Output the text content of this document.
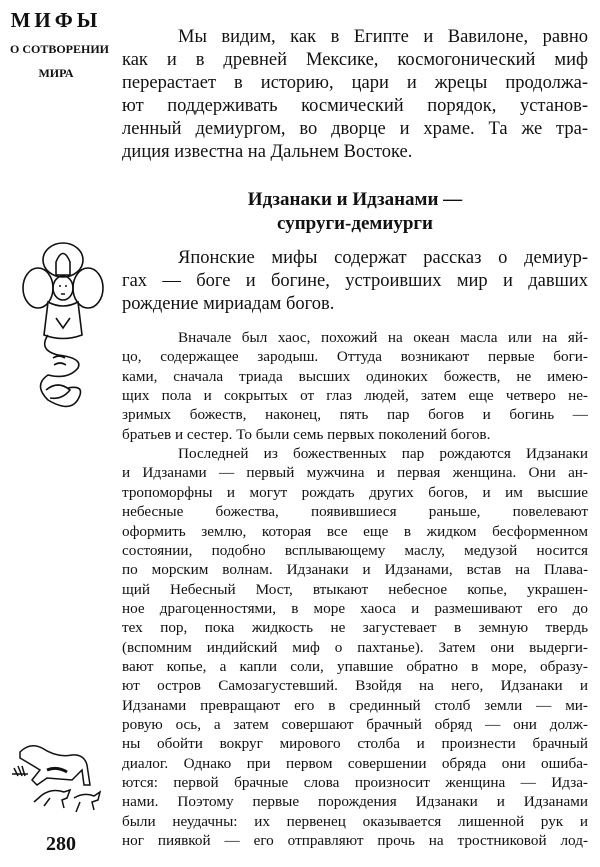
МИФЫ
О СОТВОРЕНИИ
МИРА
Мы видим, как в Египте и Вавилоне, равно
как и в древней Мексике, космогонический миф
перерастает в историю, цари и жрецы продолжа-
ют поддерживать космический порядок, установ-
ленный демиургом, во дворце и храме. Та же тра-
диция известна на Дальнем Востоке.
Идзанаки и Идзанами —
супруги-демиурги
Японские мифы содержат рассказ о демиур-
гах — боге и богине, устроивших мир и давших
рождение мириадам богов.
Вначале был хаос, похожий на океан масла или на яй-
цо, содержащее зародыш. Оттуда возникают первые боги-
ками, сначала триада высших одиноких божеств, не имею-
щих пола и сокрытых от глаз людей, затем еще четверо не-
зримых божеств, наконец, пять пар богов и богинь —
братьев и сестер. То были семь первых поколений богов.
Последней из божественных пар рождаются Идзанаки
и Идзанами — первый мужчина и первая женщина. Они ан-
тропоморфны и могут рождать других богов, и им высшие
небесные божества, появившиеся раньше, повелевают
оформить землю, которая все еще в жидком бесформенном
состоянии, подобно всплывающему маслу, медузой носится
по морским волнам. Идзанаки и Идзанами, встав на Плава-
щий Небесный Мост, втыкают небесное копье, украшен-
ное драгоценностями, в море хаоса и размешивают его до
тех пор, пока жидкость не загустевает в земную твердь
(вспомним индийский миф о пахтанье). Затем они выдерги-
вают копье, а капли соли, упавшие обратно в море, образу-
ют остров Самозагустевший. Взойдя на него, Идзанаки и
Идзанами превращают его в срединный столб земли — ми-
ровую ось, а затем совершают брачный обряд — они долж-
ны обойти вокруг мирового столба и произнести брачный
диалог. Однако при первом совершении обряда они ошиба-
ются: первой брачные слова произносит женщина — Идза-
нами. Поэтому первые порождения Идзанаки и Идзанами
были неудачны: их первенец оказывается лишенной рук и
ног пиявкой — его отправляют прочь на тростниковой лод-
280
